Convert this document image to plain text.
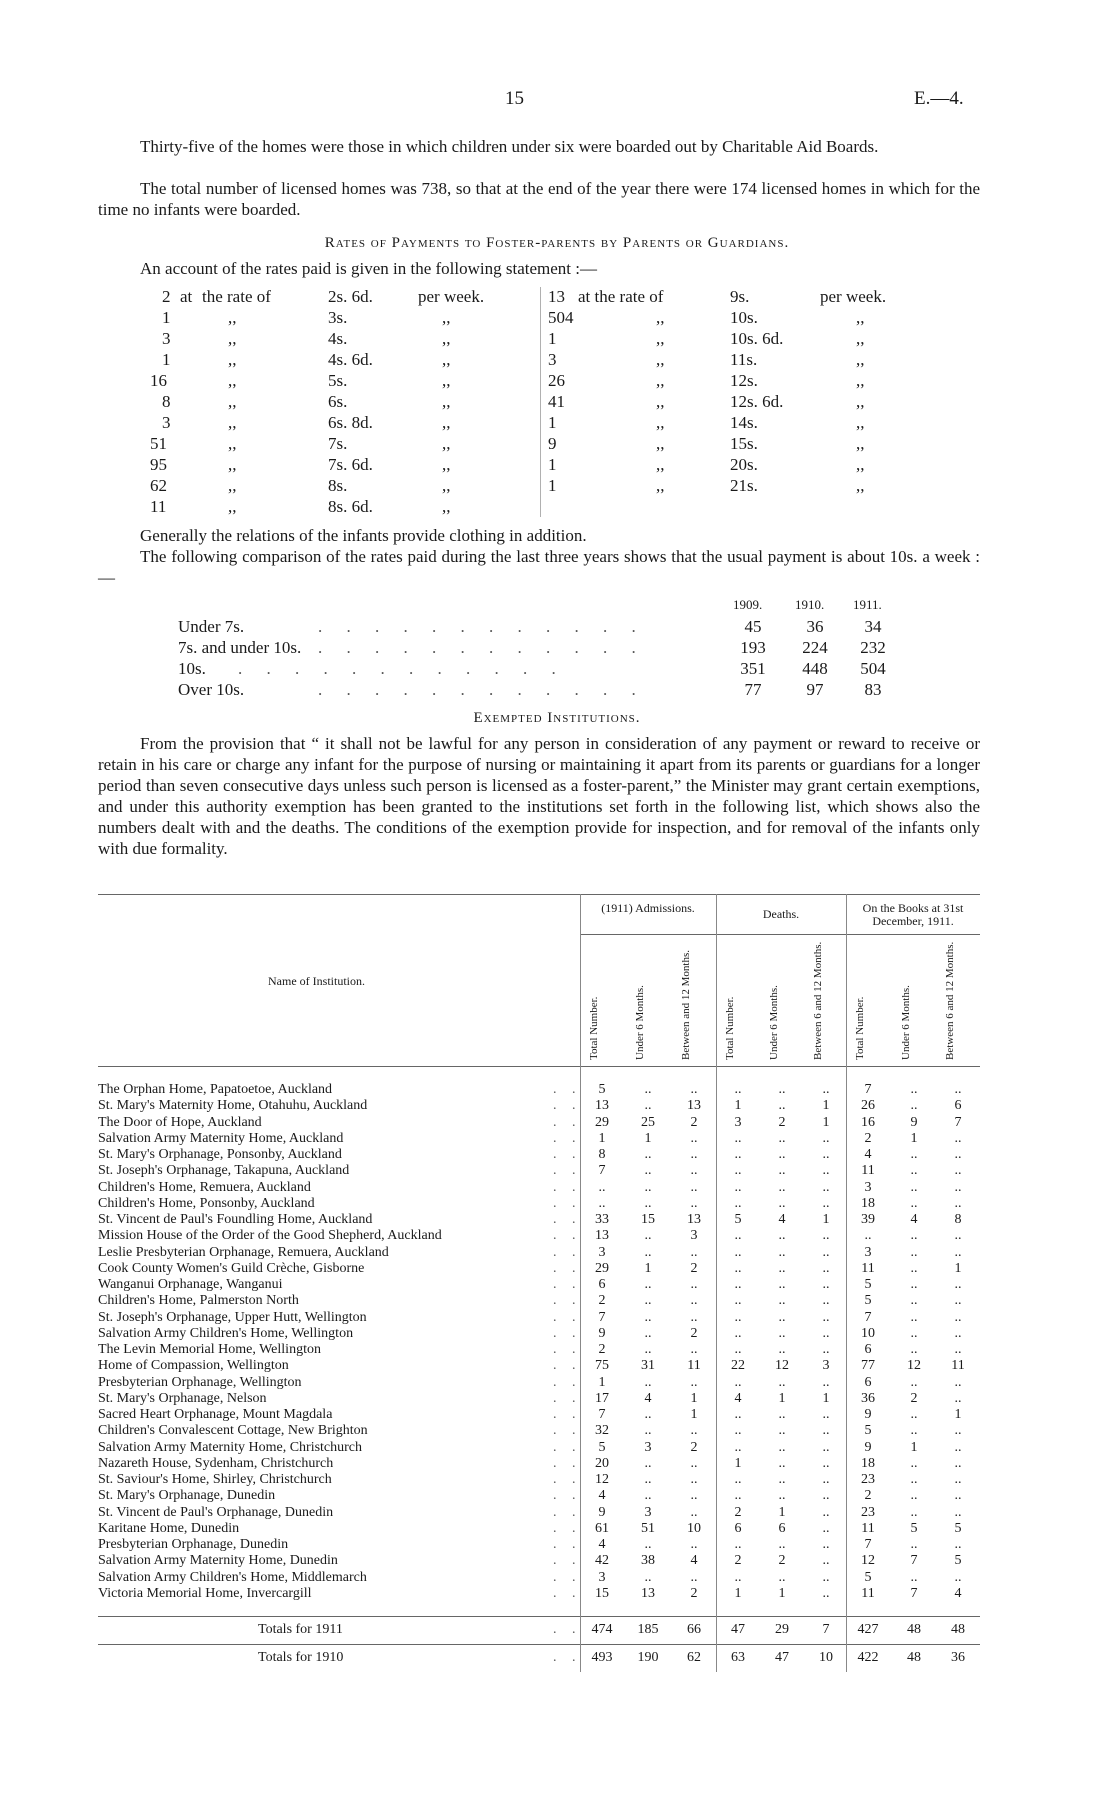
15	E.—4.
Thirty-five of the homes were those in which children under six were boarded out by Charitable Aid Boards.
The total number of licensed homes was 738, so that at the end of the year there were 174 licensed homes in which for the time no infants were boarded.
Rates of Payments to Foster-parents by Parents or Guardians.
An account of the rates paid is given in the following statement :—
2 at the rate of	2s. 6d.	per week.
1	,,	3s.	,,
3	,,	4s.	,,
1	,,	4s. 6d.	,,
16	,,	5s.	,,
8	,,	6s.	,,
3	,,	6s. 8d.	,,
51	,,	7s.	,,
95	,,	7s. 6d.	,,
62	,,	8s.	,,
11	,,	8s. 6d.	,,
13 at the rate of	9s.	per week.
504	,,	10s.	,,
1	,,	10s. 6d.	,,
3	,,	11s.	,,
26	,,	12s.	,,
41	,,	12s. 6d.	,,
1	,,	14s.	,,
9	,,	15s.	,,
1	,,	20s.	,,
1	,,	21s.	,,
Generally the relations of the infants provide clothing in addition.
The following comparison of the rates paid during the last three years shows that the usual payment is about 10s. a week :—
1909.	1910. 1911.
Under 7s.	. . . . . . . . . . . .	45	36	34
7s. and under 10s. . . . . . . . . . . . .	193	224	232
10s. . . . . . . . . . . . .	351	448	504
Over 10s.	. . . . . . . . . . . .	77	97	83
Exempted Institutions.
From the provision that “ it shall not be lawful for any person in consideration of any payment or reward to receive or retain in his care or charge any infant for the purpose of nursing or maintaining it apart from its parents or guardians for a longer period than seven consecutive days unless such person is licensed as a foster-parent,” the Minister may grant certain exemptions, and under this authority exemption has been granted to the institutions set forth in the following list, which shows also the numbers dealt with and the deaths. The conditions of the exemption provide for inspection, and for removal of the infants only with due formality.
(1911) Admissions.	Deaths.	On the Books at 31st December, 1911.
Name of Institution.
Total Number.	Under 6 Months.	Between and 12 Months.	Total Number.	Under 6 Months.	Between 6 and 12 Months.	Total Number.	Under 6 Months.	Between 6 and 12 Months.
The Orphan Home, Papatoetoe, Auckland	. .	5	..	..	..	..	..	7	..	..
St. Mary's Maternity Home, Otahuhu, Auckland	. . 13	..	13	1	..	1	26	..	6
The Door of Hope, Auckland	. . 29	25	2	3	2	1	16	9	7
Salvation Army Maternity Home, Auckland	. .	1	1	..	..	..	..	2	1	..
St. Mary's Orphanage, Ponsonby, Auckland	. .	8	..	..	..	..	..	4	..	..
St. Joseph's Orphanage, Takapuna, Auckland	. .	7	..	..	..	..	..	11	..	..
Children's Home, Remuera, Auckland	. .	..	..	..	..	..	..	3	..	..
Children's Home, Ponsonby, Auckland	. .	..	..	..	..	..	..	18	..	..
St. Vincent de Paul's Foundling Home, Auckland	. . 33	15	13	5	4	1	39	4	8
Mission House of the Order of the Good Shepherd, Auckland	. . 13	..	3	..	..	..	..	..	..
Leslie Presbyterian Orphanage, Remuera, Auckland	. .	3	..	..	..	..	..	3	..	..
Cook County Women's Guild Crèche, Gisborne	. . 29	1	2	..	..	..	11	..	1
Wanganui Orphanage, Wanganui	. .	6	..	..	..	..	..	5	..	..
Children's Home, Palmerston North	. .	2	..	..	..	..	..	5	..	..
St. Joseph's Orphanage, Upper Hutt, Wellington	. .	7	..	..	..	..	..	7	..	..
Salvation Army Children's Home, Wellington	. .	9	..	2	..	..	..	10	..	..
The Levin Memorial Home, Wellington	. .	2	..	..	..	..	..	6	..	..
Home of Compassion, Wellington	. . 75	31	11	22	12	3	77	12	11
Presbyterian Orphanage, Wellington	. .	1	..	..	..	..	..	6	..	..
St. Mary's Orphanage, Nelson	. . 17	4	1	4	1	1	36	2	..
Sacred Heart Orphanage, Mount Magdala	. .	7	..	1	..	..	..	9	..	1
Children's Convalescent Cottage, New Brighton	. . 32	..	..	..	..	..	5	..	..
Salvation Army Maternity Home, Christchurch	. .	5	3	2	..	..	..	9	1	..
Nazareth House, Sydenham, Christchurch	. . 20	..	..	1	..	..	18	..	..
St. Saviour's Home, Shirley, Christchurch	. . 12	..	..	..	..	..	23	..	..
St. Mary's Orphanage, Dunedin	. .	4	..	..	..	..	..	2	..	..
St. Vincent de Paul's Orphanage, Dunedin	. .	9	3	..	2	1	..	23	..	..
Karitane Home, Dunedin	. . 61	51	10	6	6	..	11	5	5
Presbyterian Orphanage, Dunedin	. .	4	..	..	..	..	..	7	..	..
Salvation Army Maternity Home, Dunedin	. . 42	38	4	2	2	..	12	7	5
Salvation Army Children's Home, Middlemarch	. .	3	..	..	..	..	..	5	..	..
Victoria Memorial Home, Invercargill	. . 15	13	2	1	1	..	11	7	4
Totals for 1911	. . 474	185	66	47	29	7	427	48	48
Totals for 1910	. . 493	190	62	63	47	10	422	48	36
